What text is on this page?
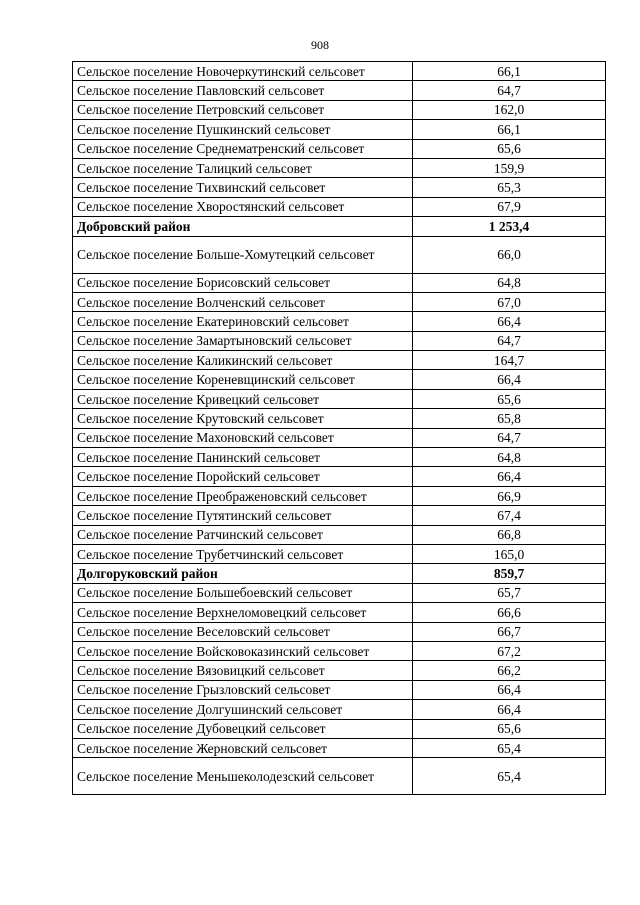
908
Сельское поселение Новочеркутинский сельсовет	66,1
Сельское поселение Павловский сельсовет	64,7
Сельское поселение Петровский сельсовет	162,0
Сельское поселение Пушкинский сельсовет	66,1
Сельское поселение Среднематренский сельсовет	65,6
Сельское поселение Талицкий сельсовет	159,9
Сельское поселение Тихвинский сельсовет	65,3
Сельское поселение Хворостянский сельсовет	67,9
Добровский район	1 253,4
Сельское поселение Больше-Хомутецкий сельсовет	66,0
Сельское поселение Борисовский сельсовет	64,8
Сельское поселение Волченский сельсовет	67,0
Сельское поселение Екатериновский сельсовет	66,4
Сельское поселение Замартыновский сельсовет	64,7
Сельское поселение Каликинский сельсовет	164,7
Сельское поселение Кореневщинский сельсовет	66,4
Сельское поселение Кривецкий сельсовет	65,6
Сельское поселение Крутовский сельсовет	65,8
Сельское поселение Махоновский сельсовет	64,7
Сельское поселение Панинский сельсовет	64,8
Сельское поселение Поройский сельсовет	66,4
Сельское поселение Преображеновский сельсовет	66,9
Сельское поселение Путятинский сельсовет	67,4
Сельское поселение Ратчинский сельсовет	66,8
Сельское поселение Трубетчинский сельсовет	165,0
Долгоруковский район	859,7
Сельское поселение Большебоевский сельсовет	65,7
Сельское поселение Верхнеломовецкий сельсовет	66,6
Сельское поселение Веселовский сельсовет	66,7
Сельское поселение Войсковоказинский сельсовет	67,2
Сельское поселение Вязовицкий сельсовет	66,2
Сельское поселение Грызловский сельсовет	66,4
Сельское поселение Долгушинский сельсовет	66,4
Сельское поселение Дубовецкий сельсовет	65,6
Сельское поселение Жерновский сельсовет	65,4
Сельское поселение Меньшеколодезский сельсовет	65,4
